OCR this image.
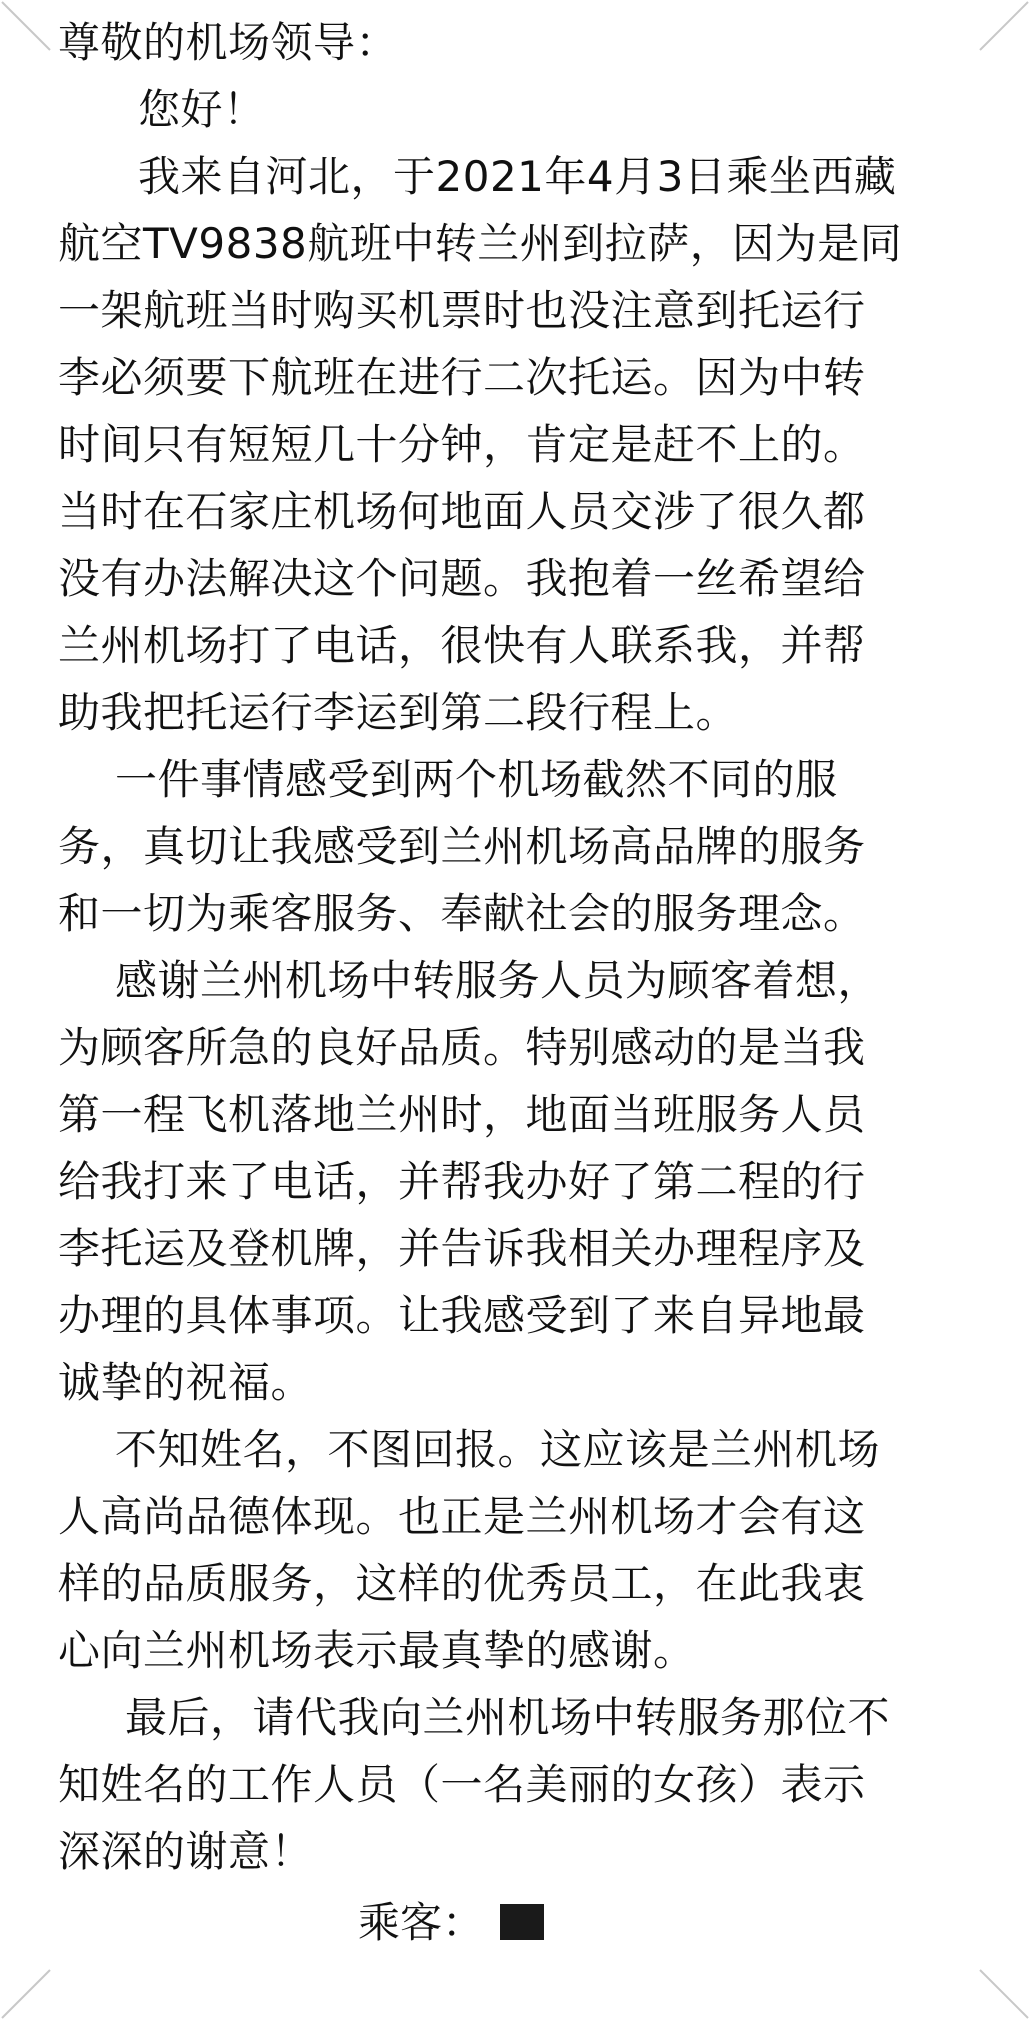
尊敬的机场领导：
您好！
我来自河北，于2021年4月3日乘坐西藏
航空TV9838航班中转兰州到拉萨，因为是同
一架航班当时购买机票时也没注意到托运行
李必须要下航班在进行二次托运。因为中转
时间只有短短几十分钟，肯定是赶不上的。
当时在石家庄机场何地面人员交涉了很久都
没有办法解决这个问题。我抱着一丝希望给
兰州机场打了电话，很快有人联系我，并帮
助我把托运行李运到第二段行程上。
一件事情感受到两个机场截然不同的服
务，真切让我感受到兰州机场高品牌的服务
和一切为乘客服务、奉献社会的服务理念。
感谢兰州机场中转服务人员为顾客着想，
为顾客所急的良好品质。特别感动的是当我
第一程飞机落地兰州时，地面当班服务人员
给我打来了电话，并帮我办好了第二程的行
李托运及登机牌，并告诉我相关办理程序及
办理的具体事项。让我感受到了来自异地最
诚挚的祝福。
不知姓名，不图回报。这应该是兰州机场
人高尚品德体现。也正是兰州机场才会有这
样的品质服务，这样的优秀员工，在此我衷
心向兰州机场表示最真挚的感谢。
最后，请代我向兰州机场中转服务那位不
知姓名的工作人员（一名美丽的女孩）表示
深深的谢意！
乘客：
